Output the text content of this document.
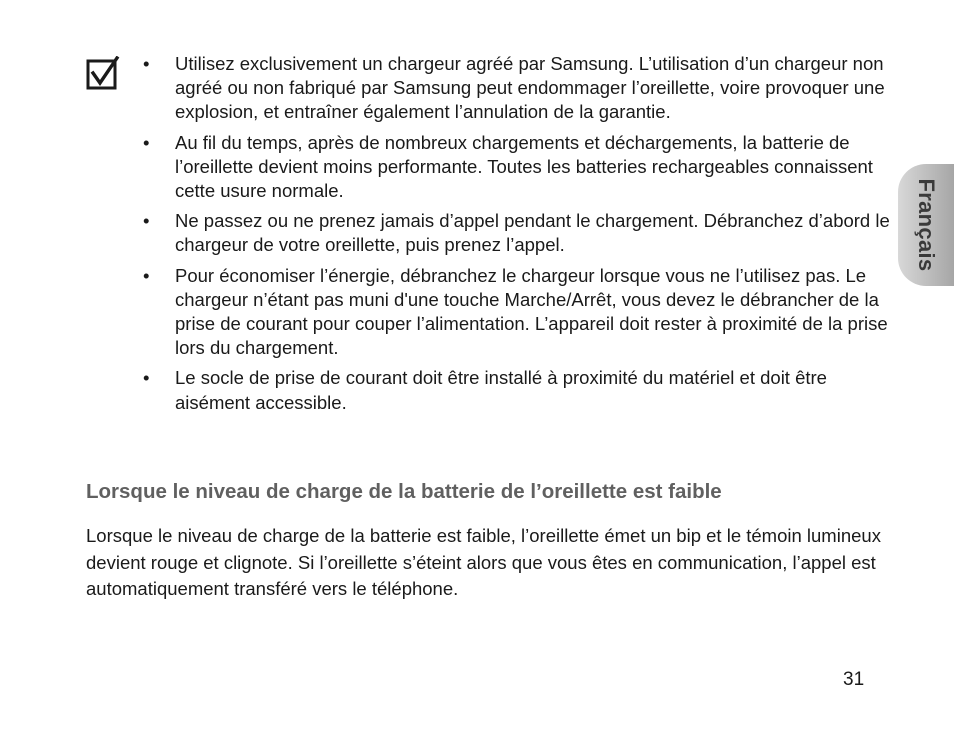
• Utilisez exclusivement un chargeur agréé par Samsung. L’utilisation d’un chargeur non agréé ou non fabriqué par Samsung peut endommager l’oreillette, voire provoquer une explosion, et entraîner également l’annulation de la garantie.
• Au fil du temps, après de nombreux chargements et déchargements, la batterie de l’oreillette devient moins performante. Toutes les batteries rechargeables connaissent cette usure normale.
• Ne passez ou ne prenez jamais d’appel pendant le chargement. Débranchez d’abord le chargeur de votre oreillette, puis prenez l’appel.
• Pour économiser l’énergie, débranchez le chargeur lorsque vous ne l’utilisez pas. Le chargeur n’étant pas muni d'une touche Marche/Arrêt, vous devez le débrancher de la prise de courant pour couper l’alimentation. L’appareil doit rester à proximité de la prise lors du chargement.
• Le socle de prise de courant doit être installé à proximité du matériel et doit être aisément accessible.
Lorsque le niveau de charge de la batterie de l’oreillette est faible

Lorsque le niveau de charge de la batterie est faible, l’oreillette émet un bip et le témoin lumineux devient rouge et clignote. Si l’oreillette s’éteint alors que vous êtes en communication, l’appel est automatiquement transféré vers le téléphone.

Français
31
